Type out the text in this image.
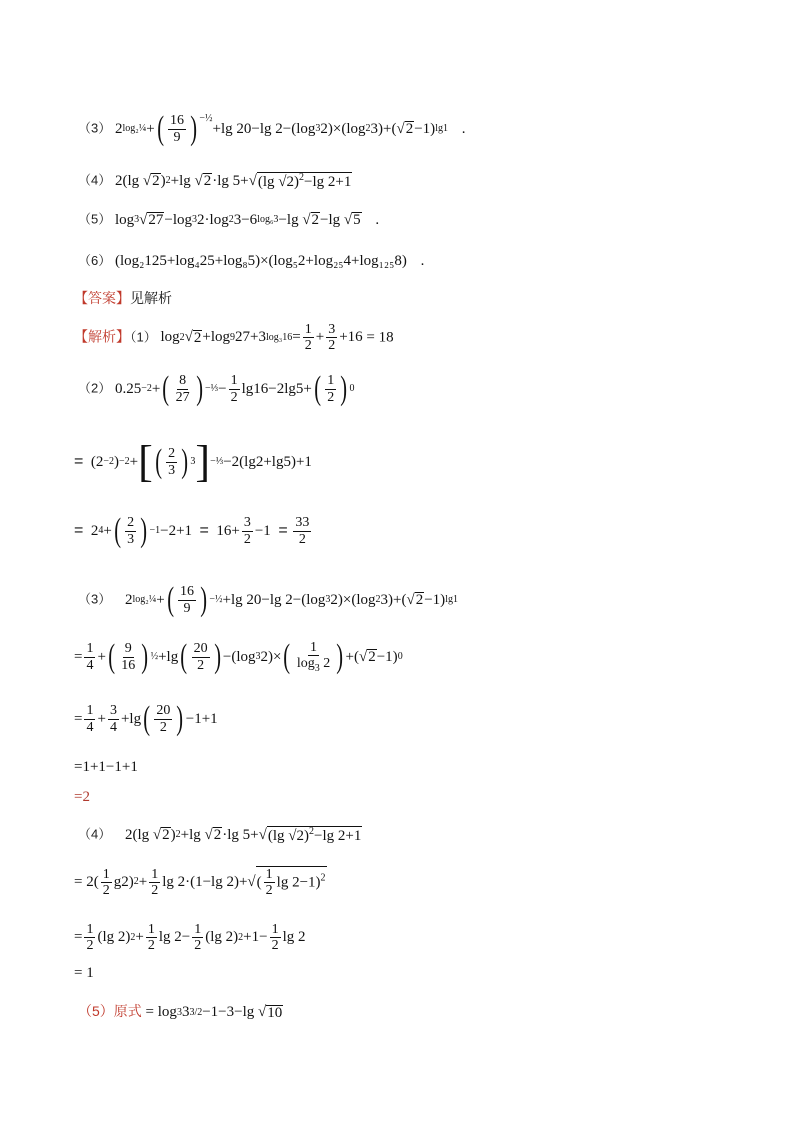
（3） 2 log₂¼ + ( $\frac{16}{9} )^{-\frac{1}{2}}$
+lg 20−lg 2−(log 3 2)×(log 2 3)+(√ 2 −1) lg1 .
（4） 2(lg √ 2 ) 2 +lg √ 2 ·lg 5+√ (lg √2)$^2$−lg 2+1
（5） log 3 √ 27 −log 3 2·log 2 3−6 log₆3 −lg √ 2 −lg √ 5 .
（6） (log₂125+log₄25+log₈5)×(log₅2+log₂₅4+log₁₂₅8) .
【答案】见解析
【解析】（1） log 2 √ 2 +log 9 27+3 $\log_316 = \frac{1}{2} + \frac{3}{2} +16 = 18$
（2） 0.25 −2 + ( $\frac{8}{27}$ ) −⅓ − $\frac{1}{2} \lg 16-2\lg 5+$ ( $\frac{1}{2}$ ) 0
= (2 −2 ) −2 + [ ( $\frac{2}{3}$ ) 3 ] −⅓ −2(lg2+lg5)+1
= 2 4 + ( $\frac{2}{3}$ ) $-1 -2+1 = 16+ \frac{3}{2} -1$ =
$\frac{33}{2}$
（3） 2 log₂¼ + ( $\frac{16}{9}$ ) −½ +lg 20−lg 2−(log 3 2)×(log 2 3)+(√ 2 −1) lg1
= $\frac{1}{4}$ + ( $\frac{9}{16}$ ) ½ +lg ( $\frac{20}{2}$ ) −(log 3 2)× ( $\frac{1}{\log_3 2}$ ) +(√ 2 −1) 0
= $\frac{1}{4} + \frac{3}{4} +\lg$ ( $\frac{20}{2}$ ) −1+1
=1+1−1+1
=2
（4） 2(lg √ 2 ) 2 +lg √ 2 ·lg 5+√ (lg √2)$^2$−lg 2+1
= $2( \frac{1}{2} g2)$ $2 + \frac{1}{2}$ lg 2·(1−lg 2)+√ ( $\frac{1}{2}$ lg 2−1)$^2$
= $\frac{1}{2} (\lg$ 2) $2 + \frac{1}{2}$ $\lg 2- \frac{1}{2} (\lg$ 2) $2 +1- \frac{1}{2}$ lg 2
= 1
（5）原式 = log 3 3 3/2 −1−3−lg √ 10
